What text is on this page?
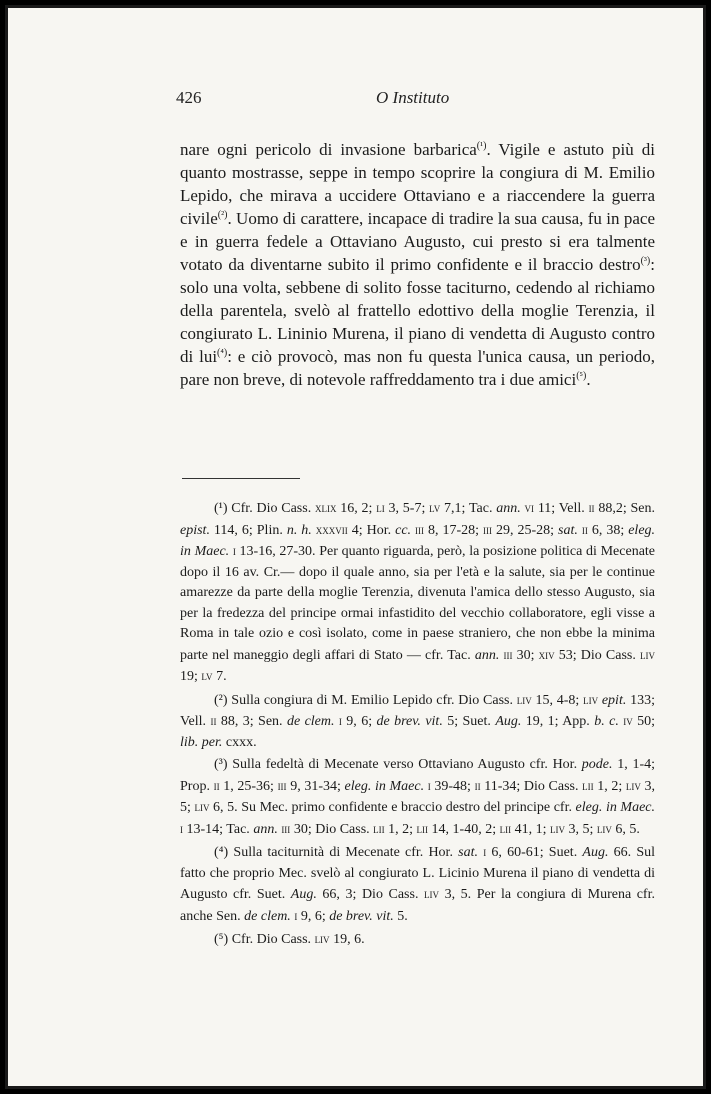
426	O Instituto

nare ogni pericolo di invasione barbarica$^{(^1)}$. Vigile e astuto più di quanto mostrasse, seppe in tempo scoprire la congiura di M. Emilio Lepido, che mirava a uccidere Ottaviano e a riaccendere la guerra civile$^{(^2)}$. Uomo di carattere, incapace di tradire la sua causa, fu in pace e in guerra fedele a Ottaviano Augusto, cui presto si era talmente votato da diventarne subito il primo confidente e il braccio destro$^{(^3)}$: solo una volta, sebbene di solito fosse taciturno, cedendo al richiamo della parentela, svelò al frattello edottivo della moglie Terenzia, il congiurato L. Lininio Murena, il piano di vendetta di Augusto contro di lui$^{(^4)}$: e ciò provocò, mas non fu questa l'unica causa, un periodo, pare non breve, di notevole raffreddamento tra i due amici$^{(^5)}$.

(¹) Cfr. Dio Cass. xlix 16, 2; li 3, 5-7; lv 7,1; Tac. ann. vi 11; Vell. ii 88,2; Sen. epist. 114, 6; Plin. n. h. xxxvii 4; Hor. cc. iii 8, 17-28; iii 29, 25-28; sat. ii 6, 38; eleg. in Maec. i 13-16, 27-30. Per quanto riguarda, però, la posizione politica di Mecenate dopo il 16 av. Cr.— dopo il quale anno, sia per l'età e la salute, sia per le continue amarezze da parte della moglie Terenzia, divenuta l'amica dello stesso Augusto, sia per la fredezza del principe ormai infastidito del vecchio collaboratore, egli visse a Roma in tale ozio e così isolato, come in paese straniero, che non ebbe la minima parte nel maneggio degli affari di Stato — cfr. Tac. ann. iii 30; xiv 53; Dio Cass. liv 19; lv 7.

(²) Sulla congiura di M. Emilio Lepido cfr. Dio Cass. liv 15, 4-8; liv epit. 133; Vell. ii 88, 3; Sen. de clem. i 9, 6; de brev. vit. 5; Suet. Aug. 19, 1; App. b. c. iv 50; lib. per. cxxx.

(³) Sulla fedeltà di Mecenate verso Ottaviano Augusto cfr. Hor. pode. 1, 1-4; Prop. ii 1, 25-36; iii 9, 31-34; eleg. in Maec. i 39-48; ii 11-34; Dio Cass. lii 1, 2; liv 3, 5; liv 6, 5. Su Mec. primo confidente e braccio destro del principe cfr. eleg. in Maec. i 13-14; Tac. ann. iii 30; Dio Cass. lii 1, 2; lii 14, 1-40, 2; lii 41, 1; liv 3, 5; liv 6, 5.

(⁴) Sulla taciturnità di Mecenate cfr. Hor. sat. i 6, 60-61; Suet. Aug. 66. Sul fatto che proprio Mec. svelò al congiurato L. Licinio Murena il piano di vendetta di Augusto cfr. Suet. Aug. 66, 3; Dio Cass. liv 3, 5. Per la congiura di Murena cfr. anche Sen. de clem. i 9, 6; de brev. vit. 5.

(⁵) Cfr. Dio Cass. liv 19, 6.
